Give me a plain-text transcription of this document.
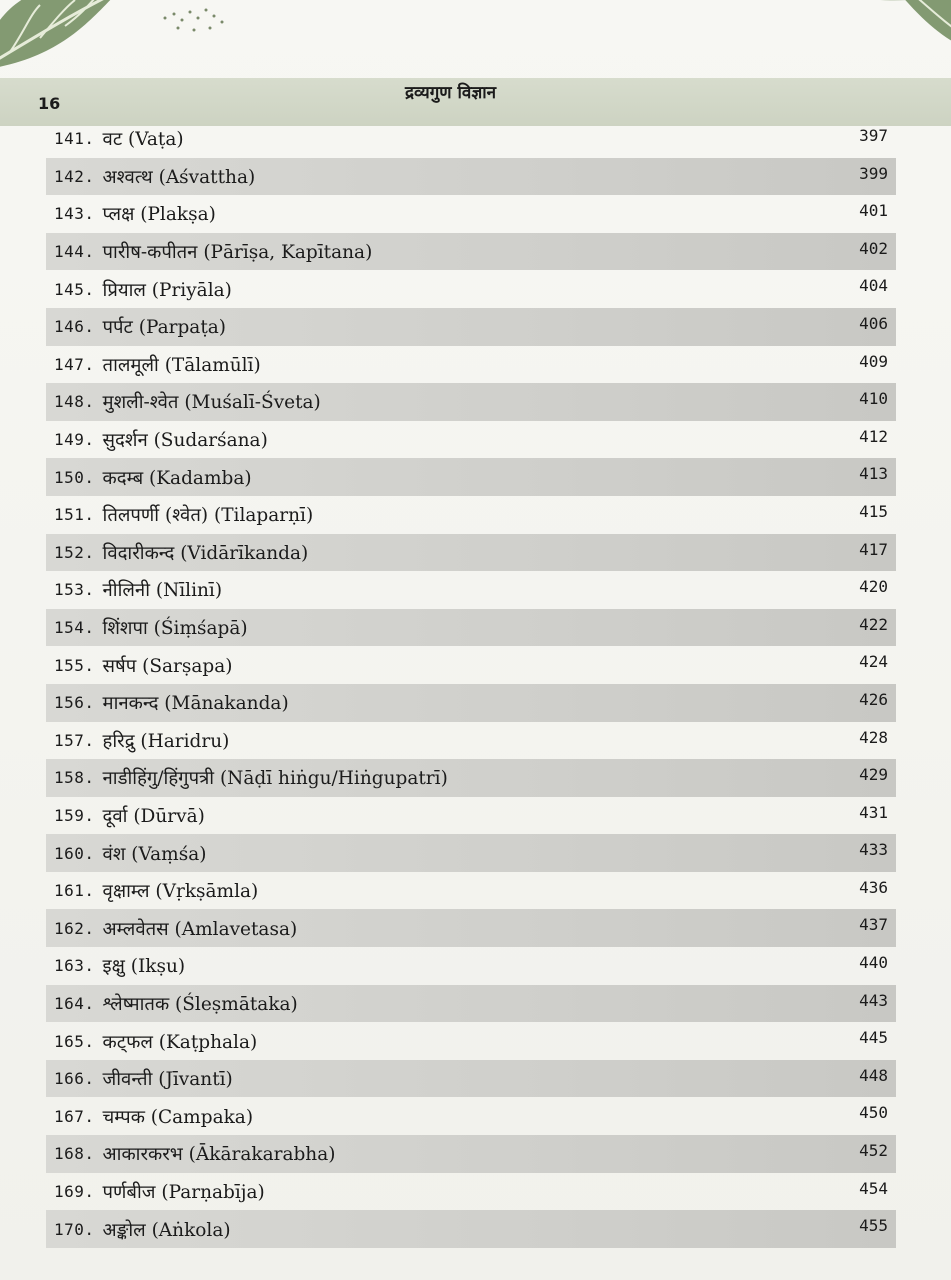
16
द्रव्यगुण विज्ञान
141. वट (Vaṭa)	397
142. अश्वत्थ (Aśvattha)	399
143. प्लक्ष (Plakṣa)	401
144. पारीष-कपीतन (Pārīṣa, Kapītana)	402
145. प्रियाल (Priyāla)	404
146. पर्पट (Parpaṭa)	406
147. तालमूली (Tālamūlī)	409
148. मुशली-श्वेत (Muśalī-Śveta)	410
149. सुदर्शन (Sudarśana)	412
150. कदम्ब (Kadamba)	413
151. तिलपर्णी (श्वेत) (Tilaparṇī)	415
152. विदारीकन्द (Vidārīkanda)	417
153. नीलिनी (Nīlinī)	420
154. शिंशपा (Śiṃśapā)	422
155. सर्षप (Sarṣapa)	424
156. मानकन्द (Mānakanda)	426
157. हरिद्रु (Haridru)	428
158. नाडीहिंगु/हिंगुपत्री (Nāḍī hiṅgu/Hiṅgupatrī)	429
159. दूर्वा (Dūrvā)	431
160. वंश (Vaṃśa)	433
161. वृक्षाम्ल (Vṛkṣāmla)	436
162. अम्लवेतस (Amlavetasa)	437
163. इक्षु (Ikṣu)	440
164. श्लेष्मातक (Śleṣmātaka)	443
165. कट्फल (Kaṭphala)	445
166. जीवन्ती (Jīvantī)	448
167. चम्पक (Campaka)	450
168. आकारकरभ (Ākārakarabha)	452
169. पर्णबीज (Parṇabīja)	454
170. अङ्कोल (Aṅkola)	455
